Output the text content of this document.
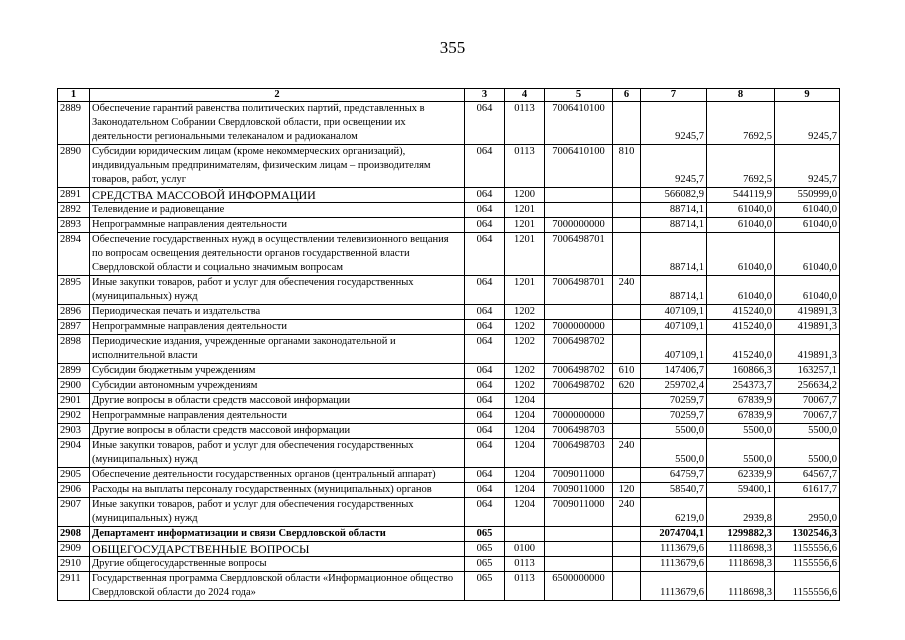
355
1	2	3	4	5	6	7	8	9
2889	Обеспечение гарантий равенства политических партий, представленных в Законодательном Собрании Свердловской области, при освещении их деятельности региональными телеканалом и радиоканалом	064	0113	7006410100		9245,7	7692,5	9245,7
2890	Субсидии юридическим лицам (кроме некоммерческих организаций), индивидуальным предпринимателям, физическим лицам – производителям товаров, работ, услуг	064	0113	7006410100	810	9245,7	7692,5	9245,7
2891	СРЕДСТВА МАССОВОЙ ИНФОРМАЦИИ	064	1200			566082,9	544119,9	550999,0
2892	Телевидение и радиовещание	064	1201			88714,1	61040,0	61040,0
2893	Непрограммные направления деятельности	064	1201	7000000000		88714,1	61040,0	61040,0
2894	Обеспечение государственных нужд в осуществлении телевизионного вещания по вопросам освещения деятельности органов государственной власти Свердловской области и социально значимым вопросам	064	1201	7006498701		88714,1	61040,0	61040,0
2895	Иные закупки товаров, работ и услуг для обеспечения государственных (муниципальных) нужд	064	1201	7006498701	240	88714,1	61040,0	61040,0
2896	Периодическая печать и издательства	064	1202			407109,1	415240,0	419891,3
2897	Непрограммные направления деятельности	064	1202	7000000000		407109,1	415240,0	419891,3
2898	Периодические издания, учрежденные органами законодательной и исполнительной власти	064	1202	7006498702		407109,1	415240,0	419891,3
2899	Субсидии бюджетным учреждениям	064	1202	7006498702	610	147406,7	160866,3	163257,1
2900	Субсидии автономным учреждениям	064	1202	7006498702	620	259702,4	254373,7	256634,2
2901	Другие вопросы в области средств массовой информации	064	1204			70259,7	67839,9	70067,7
2902	Непрограммные направления деятельности	064	1204	7000000000		70259,7	67839,9	70067,7
2903	Другие вопросы в области средств массовой информации	064	1204	7006498703		5500,0	5500,0	5500,0
2904	Иные закупки товаров, работ и услуг для обеспечения государственных (муниципальных) нужд	064	1204	7006498703	240	5500,0	5500,0	5500,0
2905	Обеспечение деятельности государственных органов (центральный аппарат)	064	1204	7009011000		64759,7	62339,9	64567,7
2906	Расходы на выплаты персоналу государственных (муниципальных) органов	064	1204	7009011000	120	58540,7	59400,1	61617,7
2907	Иные закупки товаров, работ и услуг для обеспечения государственных (муниципальных) нужд	064	1204	7009011000	240	6219,0	2939,8	2950,0
2908	Департамент информатизации и связи Свердловской области	065				2074704,1	1299882,3	1302546,3
2909	ОБЩЕГОСУДАРСТВЕННЫЕ ВОПРОСЫ	065	0100			1113679,6	1118698,3	1155556,6
2910	Другие общегосударственные вопросы	065	0113			1113679,6	1118698,3	1155556,6
2911	Государственная программа Свердловской области «Информационное общество Свердловской области до 2024 года»	065	0113	6500000000		1113679,6	1118698,3	1155556,6
